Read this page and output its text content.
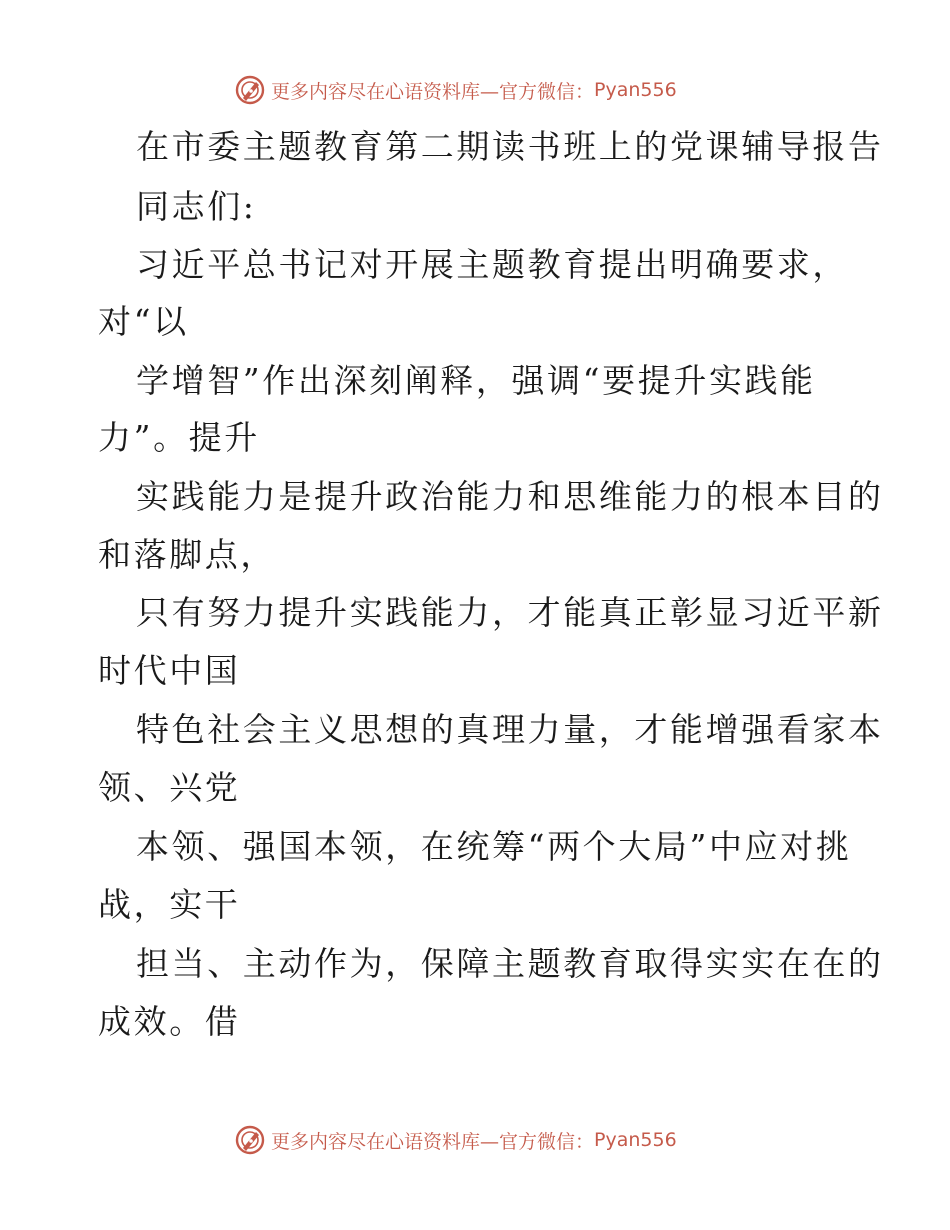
更多内容尽在心语资料库—官方微信： Pyan556
在市委主题教育第二期读书班上的党课辅导报告
同志们:
习近平总书记对开展主题教育提出明确要求，
对“以
学增智”作出深刻阐释，强调“要提升实践能
力”。提升
实践能力是提升政治能力和思维能力的根本目的
和落脚点，
只有努力提升实践能力，才能真正彰显习近平新
时代中国
特色社会主义思想的真理力量，才能增强看家本
领、兴党
本领、强国本领，在统筹“两个大局”中应对挑
战，实干
担当、主动作为，保障主题教育取得实实在在的
成效。借
更多内容尽在心语资料库—官方微信： Pyan556
